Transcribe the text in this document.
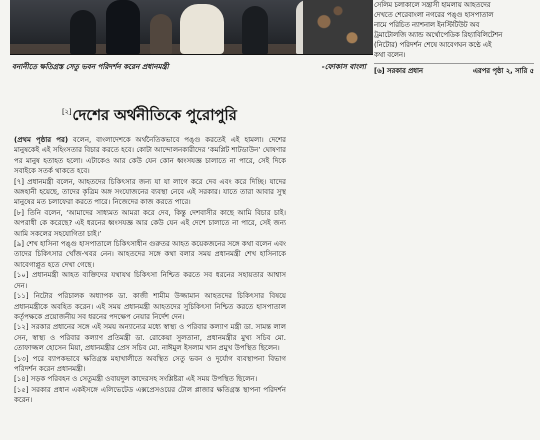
বনানীতে ক্ষতিগ্রস্ত সেতু ভবন পরিদর্শন করেন প্রধানমন্ত্রী	-ফোকাস বাংলা

সেলিম চলাকালে সন্ত্রাসী হামলায় আহতদের

দেখতে শেরেবাংলা নগরের পঙ্গু হাসপাতাল

নামে পরিচিত ন্যাশনাল ইনস্টিটিউট অব

ট্রমাটোলজি অ্যান্ড অর্থোপেডিক রিহ্যাবিলিটেশন

(নিটোর) পরিদর্শন শেষে আবেগঘন কণ্ঠে এই

কথা বলেন।

[৬] সরকার প্রধান	এরপর পৃষ্ঠা ২, সারি ৫
[২]দেশের অর্থনীতিকে পুরোপুরি

(প্রথম পৃষ্ঠার পর) বলেন, বাংলাদেশকে অর্থনৈতিকভাবে পঙ্গু করতেই এই হামলা। দেশের মানুষকেই এই সহিংসতার বিচার করতে হবে। কোটা আন্দোলনকারীদের ‘কমপ্লিট শাটডাউন’ ঘোষণার পর মানুষ হতাহত হলো। এটাকেও আর কেউ যেন কোন ধ্বংসযজ্ঞ চালাতে না পারে, সেই দিকে সবাইকে সতর্ক থাকতে হবে।

[৭] প্রধানমন্ত্রী বলেন, আহতদের চিকিৎসার জন্য যা যা লাগে করে দেব এবং করে দিচ্ছি। যাদের অঙ্গহানী হয়েছে, তাদের কৃত্রিম অঙ্গ সংযোজনের ব্যবস্থা নেবে এই সরকার। যাতে তারা আবার সুস্থ মানুষের মত চলাফেরা করতে পারে। নিজেদের কাজ করতে পারে।

[৮] তিনি বলেন, ‘আমাদের সাধ্যমত আমরা করে দেব, কিন্তু দেশবাসীর কাছে আমি বিচার চাই। অপরাধী কে করেছে? এই ধরনের ধ্বংসযজ্ঞ আর কেউ যেন এই দেশে চালাতে না পারে, সেই জন্য আমি সকলের সহযোগিতা চাই।’

[৯] শেখ হাসিনা পঙ্গু হাসপাতালে চিকিৎসাধীন গুরুতর আহত কয়েকজনের সঙ্গে কথা বলেন এবং তাদের চিকিৎসার খোঁজ-খবর নেন। আহতদের সঙ্গে কথা বলার সময় প্রধানমন্ত্রী শেখ হাসিনাকে আবেগাপ্লুত হতে দেখা গেছে।

[১০] প্রধানমন্ত্রী আহত ব্যক্তিদের যথাযথ চিকিৎসা নিশ্চিত করতে সব ধরনের সহায়তার আশ্বাস দেন।

[১১] নিটোর পরিচালক অধ্যাপক ডা. কাজী শামীম উজ্জামান আহতদের চিকিৎসার বিষয়ে প্রধানমন্ত্রীকে অবহিত করেন। এই সময় প্রধানমন্ত্রী আহতদের সুচিকিৎসা নিশ্চিত করতে হাসপাতাল কর্তৃপক্ষকে প্রয়োজনীয় সব ধরনের পদক্ষেপ নেয়ার নির্দেশ দেন।

[১২] সরকার প্রধানের সঙ্গে এই সময় অন্যান্যের মধ্যে স্বাস্থ্য ও পরিবার কল্যাণ মন্ত্রী ডা. সামন্ত লাল সেন, স্বাস্থ্য ও পরিবার কল্যাণ প্রতিমন্ত্রী ডা. রোকেয়া সুলতানা, প্রধানমন্ত্রীর মুখ্য সচিব মো. তোফাজ্জল হোসেন মিয়া, প্রধানমন্ত্রীর প্রেস সচিব মো. নাঈমুল ইসলাম খান প্রমুখ উপস্থিত ছিলেন।

[১৩] পরে ব্যাপকভাবে ক্ষতিগ্রস্ত মহাখালীতে অবস্থিত সেতু ভবন ও দুর্যোগ ব্যবস্থাপনা বিভাগ পরিদর্শন করেন প্রধানমন্ত্রী।

[১৪] সড়ক পরিবহন ও সেতুমন্ত্রী ওবায়দুল কাদেরসহ সংশ্লিষ্টরা এই সময় উপস্থিত ছিলেন।

[১৫] সরকার প্রধান একইসঙ্গে এলিভেটেড এক্সপ্রেসওয়ের টোল প্লাজার ক্ষতিগ্রস্ত স্থাপনা পরিদর্শন করেন।
